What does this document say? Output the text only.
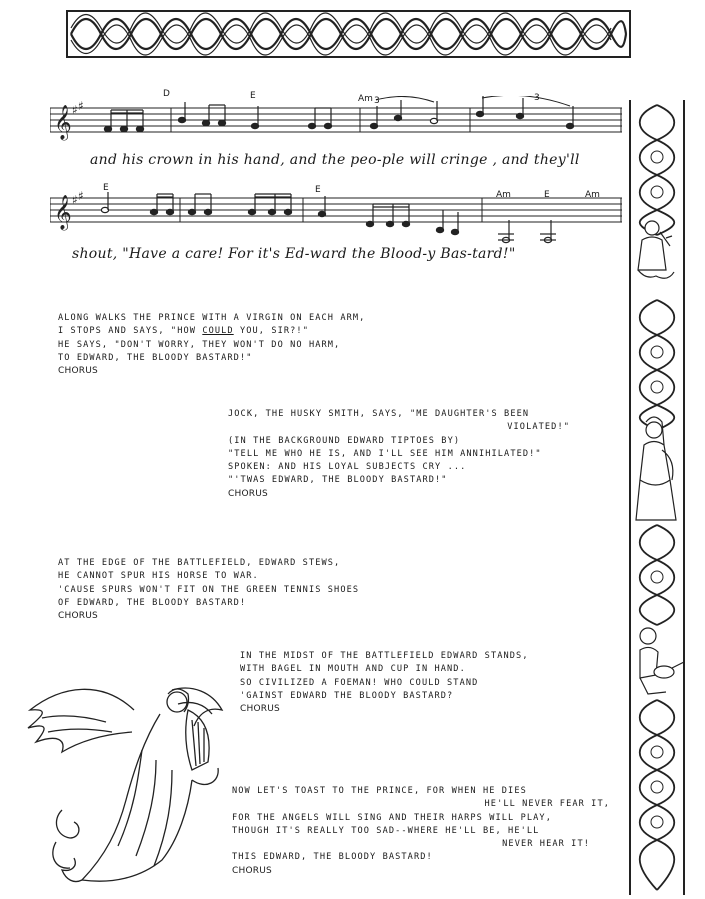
𝄞 ♯ ♯
D	E	Am 3	3
and his crown in his hand, and the peo-ple will cringe , and they'll
𝄞 ♯ ♯
E	E	Am	E	Am
shout, "Have a care! For it's Ed-ward the Blood-y Bas-tard!"
ALONG WALKS THE PRINCE WITH A VIRGIN ON EACH ARM,
I STOPS AND SAYS, "HOW COULD YOU, SIR?!"
HE SAYS, "DON'T WORRY, THEY WON'T DO NO HARM,
TO EDWARD, THE BLOODY BASTARD!"
CHORUS
JOCK, THE HUSKY SMITH, SAYS, "ME DAUGHTER'S BEEN
VIOLATED!"
(IN THE BACKGROUND EDWARD TIPTOES BY)
"TELL ME WHO HE IS, AND I'LL SEE HIM ANNIHILATED!"
SPOKEN: AND HIS LOYAL SUBJECTS CRY ...
"'TWAS EDWARD, THE BLOODY BASTARD!"
CHORUS
AT THE EDGE OF THE BATTLEFIELD, EDWARD STEWS,
HE CANNOT SPUR HIS HORSE TO WAR.
'CAUSE SPURS WON'T FIT ON THE GREEN TENNIS SHOES
OF EDWARD, THE BLOODY BASTARD!
CHORUS
IN THE MIDST OF THE BATTLEFIELD EDWARD STANDS,
WITH BAGEL IN MOUTH AND CUP IN HAND.
SO CIVILIZED A FOEMAN! WHO COULD STAND
'GAINST EDWARD THE BLOODY BASTARD?
CHORUS
NOW LET'S TOAST TO THE PRINCE, FOR WHEN HE DIES
HE'LL NEVER FEAR IT,
FOR THE ANGELS WILL SING AND THEIR HARPS WILL PLAY,
THOUGH IT'S REALLY TOO SAD--WHERE HE'LL BE, HE'LL
NEVER HEAR IT!
THIS EDWARD, THE BLOODY BASTARD!
CHORUS
